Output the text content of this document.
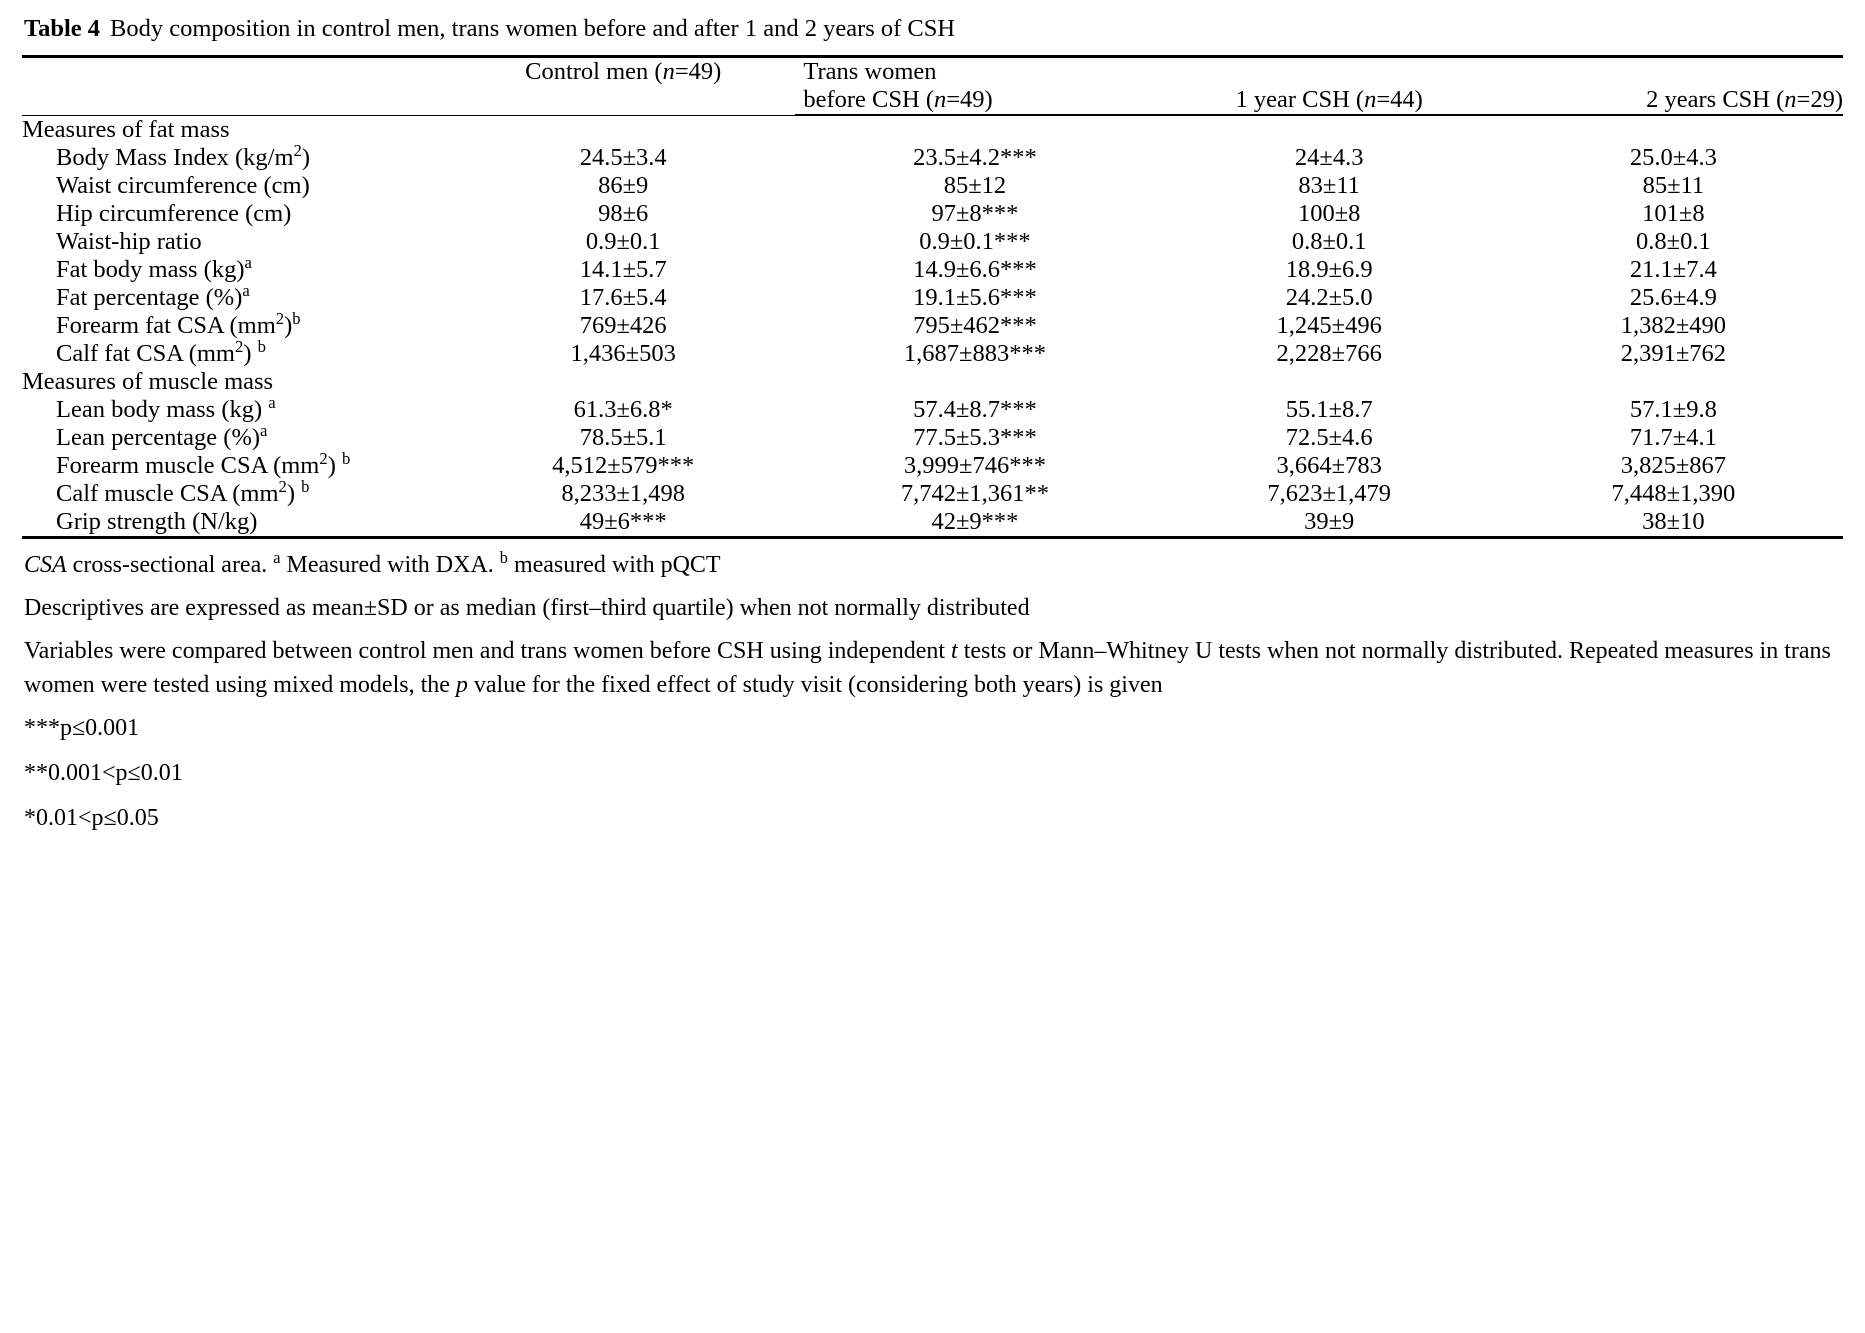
Table 4 Body composition in control men, trans women before and after 1 and 2 years of CSH
	Control men (n=49)	Trans women		
		before CSH (n=49)	1 year CSH (n=44)	2 years CSH (n=29)

Measures of fat mass				
Body Mass Index $(kg/m^2)$	24.5±3.4	23.5±4.2***	24±4.3	25.0±4.3
Waist circumference (cm)	86±9	85±12	83±11	85±11
Hip circumference (cm)	98±6	97±8***	100±8	101±8
Waist-hip ratio	0.9±0.1	0.9±0.1***	0.8±0.1	0.8±0.1
Fat body mass (kg)$^a$	14.1±5.7	14.9±6.6***	18.9±6.9	21.1±7.4
Fat percentage (%)$^a$	17.6±5.4	19.1±5.6***	24.2±5.0	25.6±4.9
Forearm fat CSA $(mm^2)^b$	769±426	795±462***	1,245±496	1,382±490
Calf fat CSA $(mm^2)$ $^b$	1,436±503	1,687±883***	2,228±766	2,391±762
Measures of muscle mass				
Lean body mass (kg) $^a$	61.3±6.8*	57.4±8.7***	55.1±8.7	57.1±9.8
Lean percentage (%)$^a$	78.5±5.1	77.5±5.3***	72.5±4.6	71.7±4.1
Forearm muscle CSA $(mm^2)$ $^b$	4,512±579***	3,999±746***	3,664±783	3,825±867
Calf muscle CSA $(mm^2)$ $^b$	8,233±1,498	7,742±1,361**	7,623±1,479	7,448±1,390
Grip strength (N/kg)	49±6***	42±9***	39±9	38±10

CSA cross-sectional area. $^a$ Measured with DXA. $^b$ measured with pQCT

Descriptives are expressed as mean±SD or as median (first–third quartile) when not normally distributed

Variables were compared between control men and trans women before CSH using independent t tests or Mann–Whitney U tests when not normally distributed. Repeated measures in trans women were tested using mixed models, the p value for the fixed effect of study visit (considering both years) is given

***p≤0.001

**0.001<p≤0.01

*0.01<p≤0.05
